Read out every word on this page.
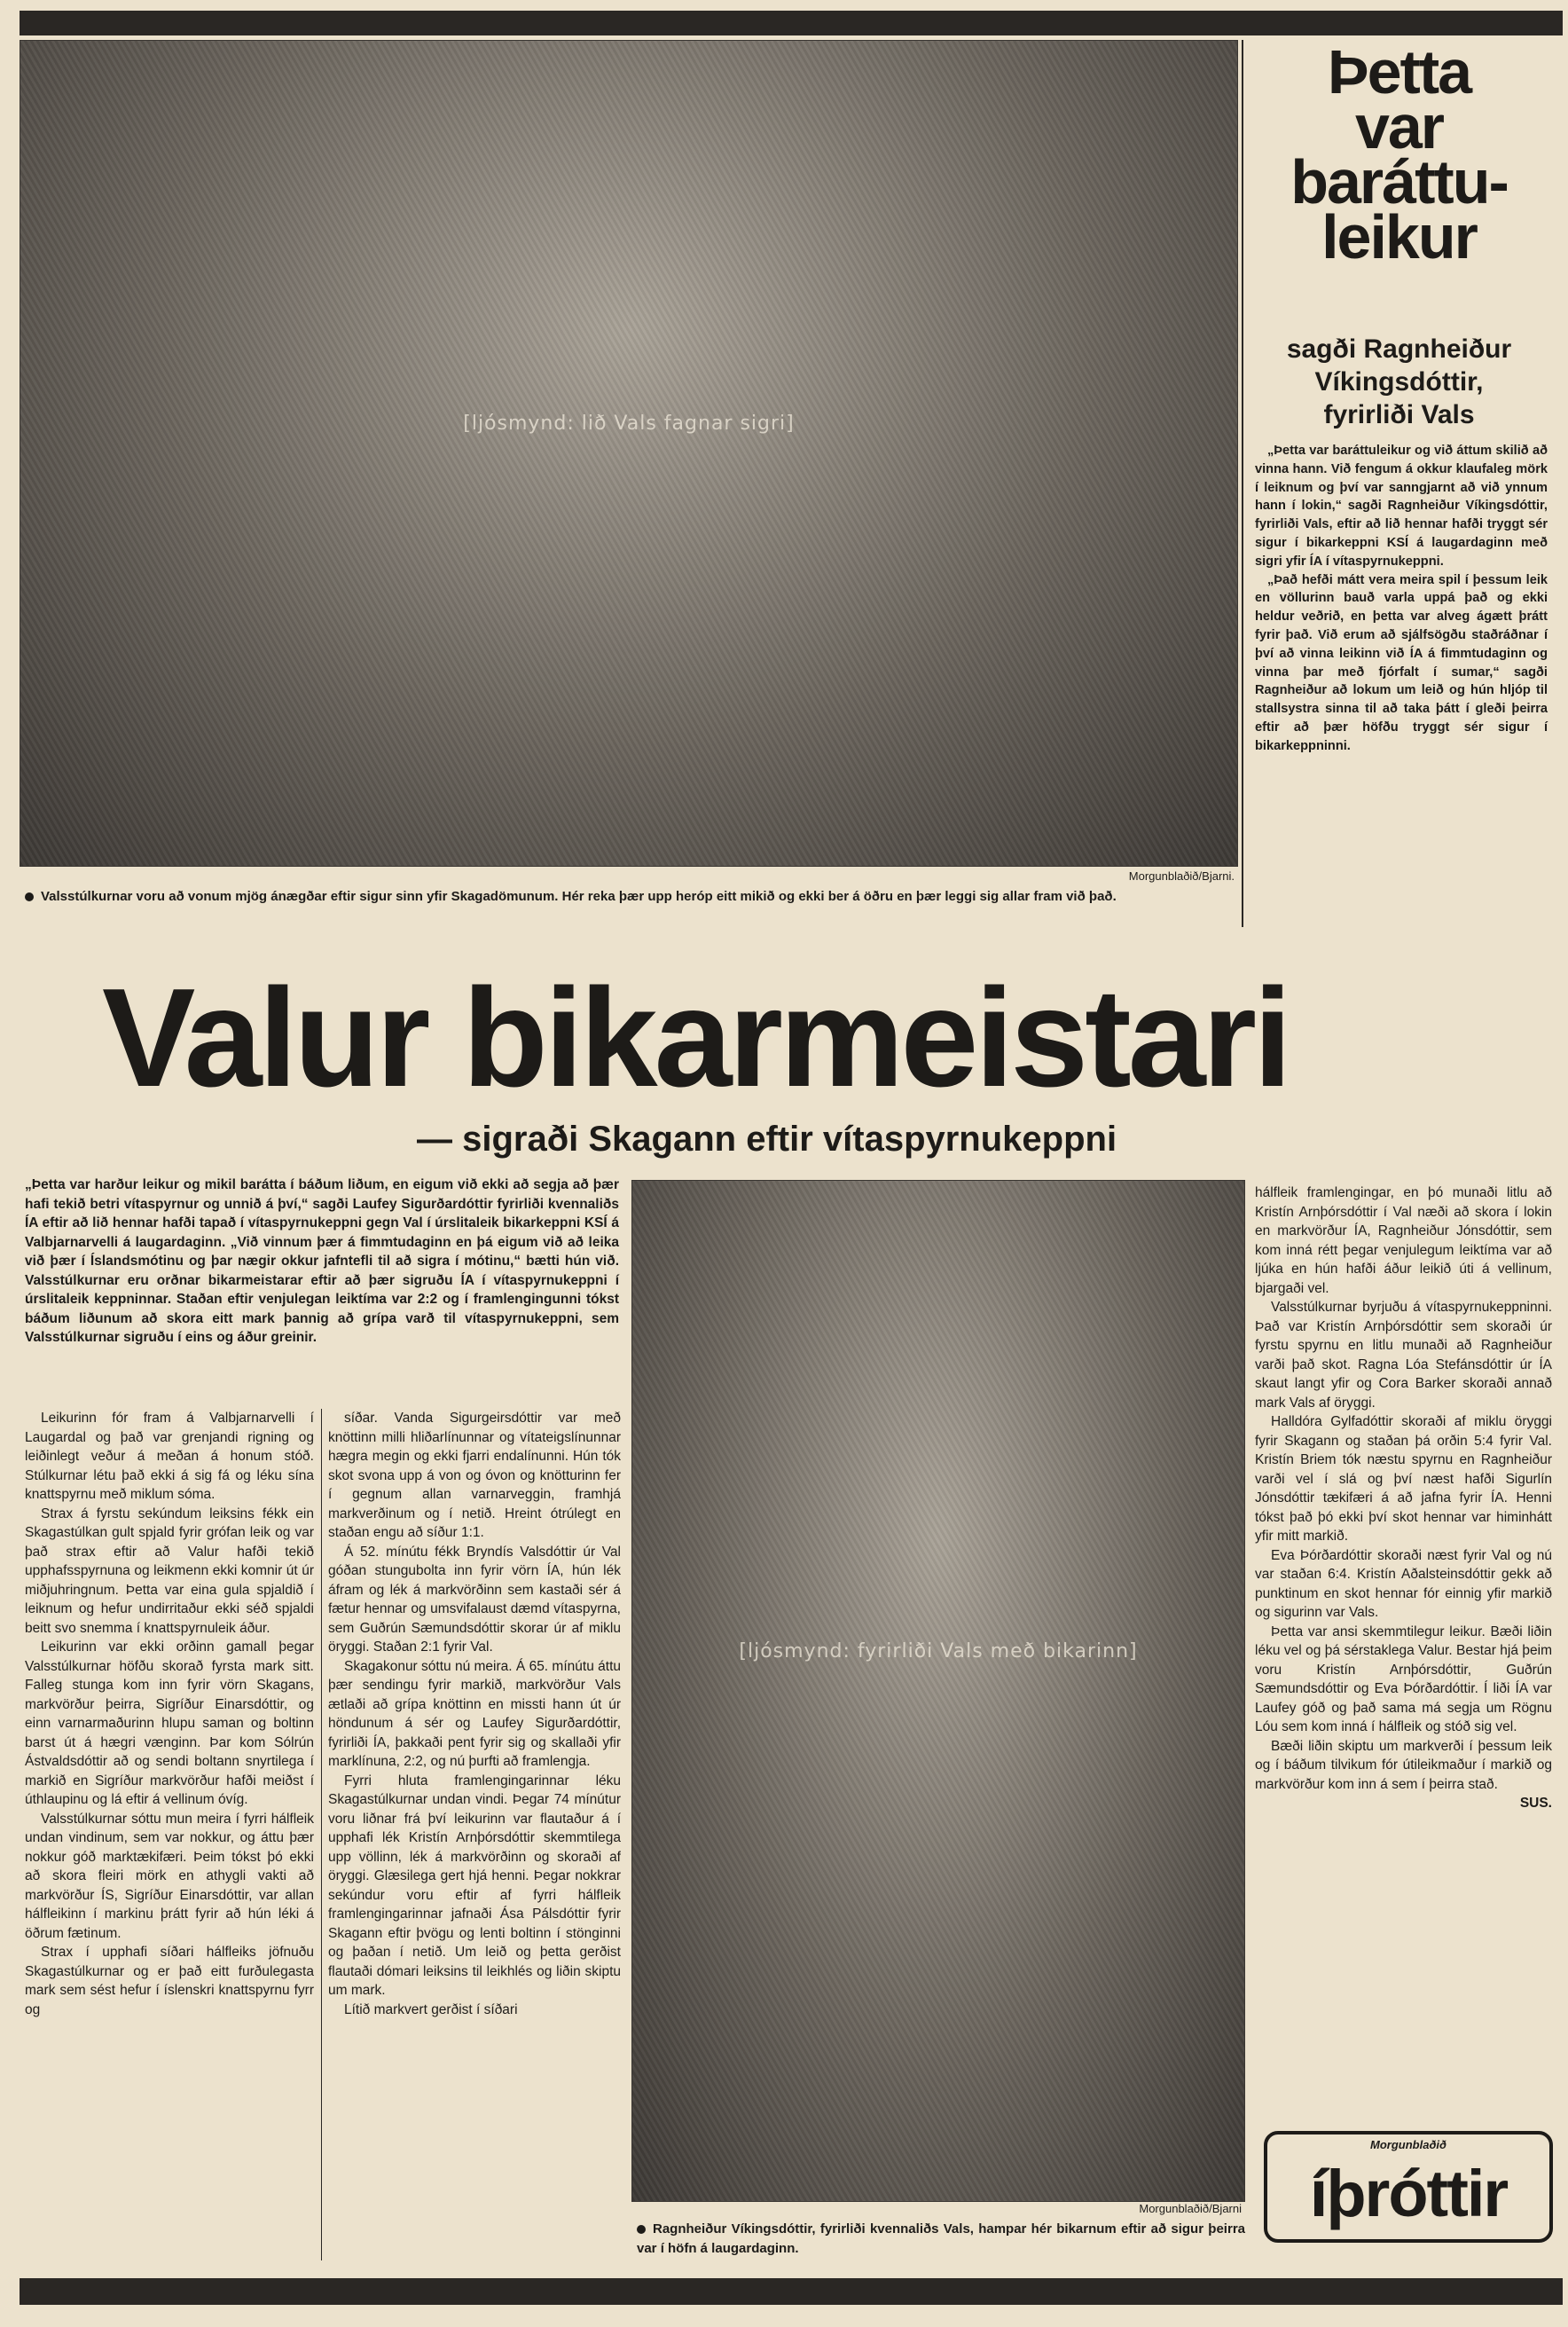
[ljósmynd: lið Vals fagnar sigri]
Morgunblaðið/Bjarni.
Valsstúlkurnar voru að vonum mjög ánægðar eftir sigur sinn yfir Skagadömunum. Hér reka þær upp heróp eitt mikið og ekki ber á öðru en þær leggi sig allar fram við það.
Þetta
var
baráttu-
leikur
sagði Ragnheiður
Víkingsdóttir,
fyrirliði Vals

„Þetta var baráttuleikur og við áttum skilið að vinna hann. Við fengum á okkur klaufaleg mörk í leiknum og því var sanngjarnt að við ynnum hann í lokin,“ sagði Ragnheiður Víkingsdóttir, fyrirliði Vals, eftir að lið hennar hafði tryggt sér sigur í bikarkeppni KSÍ á laugardaginn með sigri yfir ÍA í vítaspyrnukeppni.

„Það hefði mátt vera meira spil í þessum leik en völlurinn bauð varla uppá það og ekki heldur veðrið, en þetta var alveg ágætt þrátt fyrir það. Við erum að sjálfsögðu staðráðnar í því að vinna leikinn við ÍA á fimmtudaginn og vinna þar með fjórfalt í sumar,“ sagði Ragnheiður að lokum um leið og hún hljóp til stallsystra sinna til að taka þátt í gleði þeirra eftir að þær höfðu tryggt sér sigur í bikarkeppninni.

Valur bikarmeistari
— sigraði Skagann eftir vítaspyrnukeppni
„Þetta var harður leikur og mikil barátta í báðum liðum, en eigum við ekki að segja að þær hafi tekið betri vítaspyrnur og unnið á því,“ sagði Laufey Sigurðardóttir fyrirliði kvennaliðs ÍA eftir að lið hennar hafði tapað í vítaspyrnukeppni gegn Val í úrslitaleik bikarkeppni KSÍ á Valbjarnarvelli á laugardaginn. „Við vinnum þær á fimmtudaginn en þá eigum við að leika við þær í Íslandsmótinu og þar nægir okkur jafntefli til að sigra í mótinu,“ bætti hún við. Valsstúlkurnar eru orðnar bikarmeistarar eftir að þær sigruðu ÍA í vítaspyrnukeppni í úrslitaleik keppninnar. Staðan eftir venjulegan leiktíma var 2:2 og í framlengingunni tókst báðum liðunum að skora eitt mark þannig að grípa varð til vítaspyrnukeppni, sem Valsstúlkurnar sigruðu í eins og áður greinir.

Leikurinn fór fram á Valbjarnarvelli í Laugardal og það var grenjandi rigning og leiðinlegt veður á meðan á honum stóð. Stúlkurnar létu það ekki á sig fá og léku sína knattspyrnu með miklum sóma.

Strax á fyrstu sekúndum leiksins fékk ein Skagastúlkan gult spjald fyrir grófan leik og var það strax eftir að Valur hafði tekið upphafsspyrnuna og leikmenn ekki komnir út úr miðjuhringnum. Þetta var eina gula spjaldið í leiknum og hefur undirritaður ekki séð spjaldi beitt svo snemma í knattspyrnuleik áður.

Leikurinn var ekki orðinn gamall þegar Valsstúlkurnar höfðu skorað fyrsta mark sitt. Falleg stunga kom inn fyrir vörn Skagans, markvörður þeirra, Sigríður Einarsdóttir, og einn varnarmaðurinn hlupu saman og boltinn barst út á hægri vænginn. Þar kom Sólrún Ástvaldsdóttir að og sendi boltann snyrtilega í markið en Sigríður markvörður hafði meiðst í úthlaupinu og lá eftir á vellinum óvíg.

Valsstúlkurnar sóttu mun meira í fyrri hálfleik undan vindinum, sem var nokkur, og áttu þær nokkur góð marktækifæri. Þeim tókst þó ekki að skora fleiri mörk en athygli vakti að markvörður ÍS, Sigríður Einarsdóttir, var allan hálfleikinn í markinu þrátt fyrir að hún léki á öðrum fætinum.

Strax í upphafi síðari hálfleiks jöfnuðu Skagastúlkurnar og er það eitt furðulegasta mark sem sést hefur í íslenskri knattspyrnu fyrr og

síðar. Vanda Sigurgeirsdóttir var með knöttinn milli hliðarlínunnar og vítateigslínunnar hægra megin og ekki fjarri endalínunni. Hún tók skot svona upp á von og óvon og knötturinn fer í gegnum allan varnarveggin, framhjá markverðinum og í netið. Hreint ótrúlegt en staðan engu að síður 1:1.

Á 52. mínútu fékk Bryndís Valsdóttir úr Val góðan stungubolta inn fyrir vörn ÍA, hún lék áfram og lék á markvörðinn sem kastaði sér á fætur hennar og umsvifalaust dæmd vítaspyrna, sem Guðrún Sæmundsdóttir skorar úr af miklu öryggi. Staðan 2:1 fyrir Val.

Skagakonur sóttu nú meira. Á 65. mínútu áttu þær sendingu fyrir markið, markvörður Vals ætlaði að grípa knöttinn en missti hann út úr höndunum á sér og Laufey Sigurðardóttir, fyrirliði ÍA, þakkaði pent fyrir sig og skallaði yfir marklínuna, 2:2, og nú þurfti að framlengja.

Fyrri hluta framlengingarinnar léku Skagastúlkurnar undan vindi. Þegar 74 mínútur voru liðnar frá því leikurinn var flautaður á í upphafi lék Kristín Arnþórsdóttir skemmtilega upp völlinn, lék á markvörðinn og skoraði af öryggi. Glæsilega gert hjá henni. Þegar nokkrar sekúndur voru eftir af fyrri hálfleik framlengingarinnar jafnaði Ása Pálsdóttir fyrir Skagann eftir þvögu og lenti boltinn í stönginni og þaðan í netið. Um leið og þetta gerðist flautaði dómari leiksins til leikhlés og liðin skiptu um mark.

Lítið markvert gerðist í síðari

[ljósmynd: fyrirliði Vals með bikarinn]
Morgunblaðið/Bjarni
Ragnheiður Víkingsdóttir, fyrirliði kvennaliðs Vals, hampar hér bikarnum eftir að sigur þeirra var í höfn á laugardaginn.

hálfleik framlengingar, en þó munaði litlu að Kristín Arnþórsdóttir í Val næði að skora í lokin en markvörður ÍA, Ragnheiður Jónsdóttir, sem kom inná rétt þegar venjulegum leiktíma var að ljúka en hún hafði áður leikið úti á vellinum, bjargaði vel.

Valsstúlkurnar byrjuðu á vítaspyrnukeppninni. Það var Kristín Arnþórsdóttir sem skoraði úr fyrstu spyrnu en litlu munaði að Ragnheiður varði það skot. Ragna Lóa Stefánsdóttir úr ÍA skaut langt yfir og Cora Barker skoraði annað mark Vals af öryggi.

Halldóra Gylfadóttir skoraði af miklu öryggi fyrir Skagann og staðan þá orðin 5:4 fyrir Val. Kristín Briem tók næstu spyrnu en Ragnheiður varði vel í slá og því næst hafði Sigurlín Jónsdóttir tækifæri á að jafna fyrir ÍA. Henni tókst það þó ekki því skot hennar var himinhátt yfir mitt markið.

Eva Þórðardóttir skoraði næst fyrir Val og nú var staðan 6:4. Kristín Aðalsteinsdóttir gekk að punktinum en skot hennar fór einnig yfir markið og sigurinn var Vals.

Þetta var ansi skemmtilegur leikur. Bæði liðin léku vel og þá sérstaklega Valur. Bestar hjá þeim voru Kristín Arnþórsdóttir, Guðrún Sæmundsdóttir og Eva Þórðardóttir. Í liði ÍA var Laufey góð og það sama má segja um Rögnu Lóu sem kom inná í hálfleik og stóð sig vel.

Bæði liðin skiptu um markverði í þessum leik og í báðum tilvikum fór útileikmaður í markið og markvörður kom inn á sem í þeirra stað.

SUS.

Morgunblaðið
íþróttir
